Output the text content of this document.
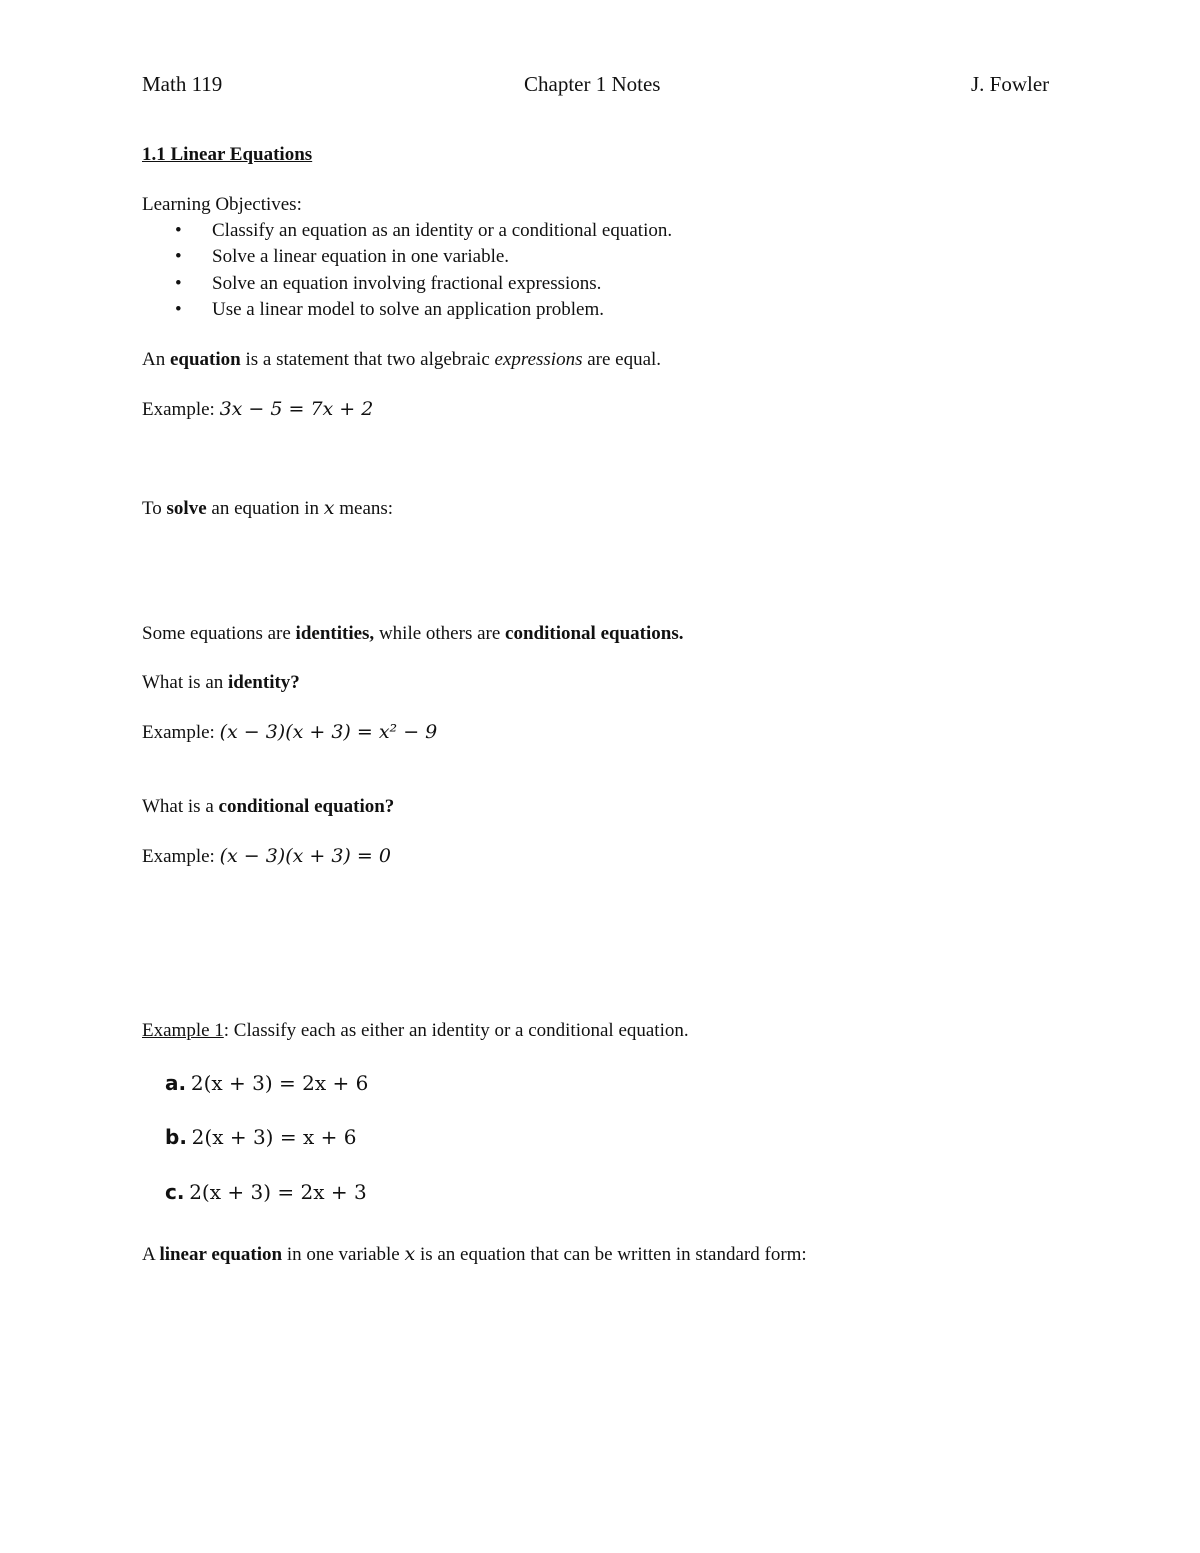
Math 119	Chapter 1 Notes	J. Fowler
1.1 Linear Equations
Learning Objectives:
• Classify an equation as an identity or a conditional equation.
• Solve a linear equation in one variable.
• Solve an equation involving fractional expressions.
• Use a linear model to solve an application problem.
An equation is a statement that two algebraic expressions are equal.
Example: 3x − 5 = 7x + 2
To solve an equation in x means:
Some equations are identities, while others are conditional equations.
What is an identity?
Example: (x − 3)(x + 3) = x² − 9
What is a conditional equation?
Example: (x − 3)(x + 3) = 0
Example 1: Classify each as either an identity or a conditional equation.
a. 2(x + 3) = 2x + 6
b. 2(x + 3) = x + 6
c. 2(x + 3) = 2x + 3
A linear equation in one variable x is an equation that can be written in standard form:
